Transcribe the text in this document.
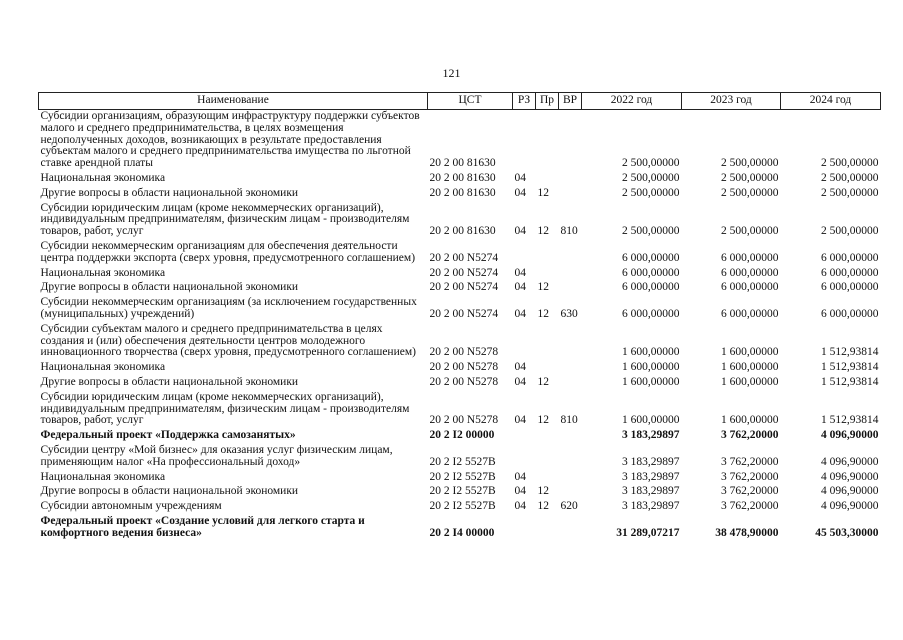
121
Наименование	ЦСТ	РЗ	Пр	ВР	2022 год	2023 год	2024 год
Субсидии организациям, образующим инфраструктуру поддержки субъектов малого и среднего предпринимательства, в целях возмещения недополученных доходов, возникающих в результате предоставления субъектам малого и среднего предпринимательства имущества по льготной ставке арендной платы	20 2 00 81630				2 500,00000	2 500,00000	2 500,00000
Национальная экономика	20 2 00 81630	04			2 500,00000	2 500,00000	2 500,00000
Другие вопросы в области национальной экономики	20 2 00 81630	04	12		2 500,00000	2 500,00000	2 500,00000
Субсидии юридическим лицам (кроме некоммерческих организаций), индивидуальным предпринимателям, физическим лицам - производителям товаров, работ, услуг	20 2 00 81630	04	12	810	2 500,00000	2 500,00000	2 500,00000
Субсидии некоммерческим организациям для обеспечения деятельности центра поддержки экспорта (сверх уровня, предусмотренного соглашением)	20 2 00 N5274				6 000,00000	6 000,00000	6 000,00000
Национальная экономика	20 2 00 N5274	04			6 000,00000	6 000,00000	6 000,00000
Другие вопросы в области национальной экономики	20 2 00 N5274	04	12		6 000,00000	6 000,00000	6 000,00000
Субсидии некоммерческим организациям (за исключением государственных (муниципальных) учреждений)	20 2 00 N5274	04	12	630	6 000,00000	6 000,00000	6 000,00000
Субсидии субъектам малого и среднего предпринимательства в целях создания и (или) обеспечения деятельности центров молодежного инновационного творчества (сверх уровня, предусмотренного соглашением)	20 2 00 N5278				1 600,00000	1 600,00000	1 512,93814
Национальная экономика	20 2 00 N5278	04			1 600,00000	1 600,00000	1 512,93814
Другие вопросы в области национальной экономики	20 2 00 N5278	04	12		1 600,00000	1 600,00000	1 512,93814
Субсидии юридическим лицам (кроме некоммерческих организаций), индивидуальным предпринимателям, физическим лицам - производителям товаров, работ, услуг	20 2 00 N5278	04	12	810	1 600,00000	1 600,00000	1 512,93814
Федеральный проект «Поддержка самозанятых»	20 2 I2 00000				3 183,29897	3 762,20000	4 096,90000
Субсидии центру «Мой бизнес» для оказания услуг физическим лицам, применяющим налог «На профессиональный доход»	20 2 I2 5527B				3 183,29897	3 762,20000	4 096,90000
Национальная экономика	20 2 I2 5527B	04			3 183,29897	3 762,20000	4 096,90000
Другие вопросы в области национальной экономики	20 2 I2 5527B	04	12		3 183,29897	3 762,20000	4 096,90000
Субсидии автономным учреждениям	20 2 I2 5527B	04	12	620	3 183,29897	3 762,20000	4 096,90000
Федеральный проект «Создание условий для легкого старта и комфортного ведения бизнеса»	20 2 I4 00000				31 289,07217	38 478,90000	45 503,30000
